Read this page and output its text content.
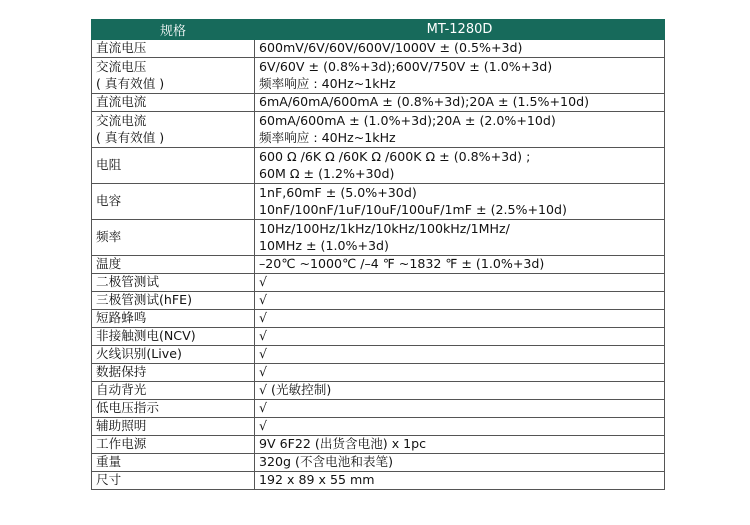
规格	MT-1280D

直流电压	600mV/6V/60V/600V/1000V ± (0.5%+3d)

交流电压
( 真有效值 )	6V/60V ± (0.8%+3d);600V/750V ± (1.0%+3d)
频率响应 : 40Hz~1kHz

直流电流	6mA/60mA/600mA ± (0.8%+3d);20A ± (1.5%+10d)

交流电流
( 真有效值 )	60mA/600mA ± (1.0%+3d);20A ± (2.0%+10d)
频率响应 : 40Hz~1kHz

电阻	600 Ω /6K Ω /60K Ω /600K Ω ± (0.8%+3d) ;
60M Ω ± (1.2%+30d)

电容	1nF,60mF ± (5.0%+30d)
10nF/100nF/1uF/10uF/100uF/1mF ± (2.5%+10d)

频率	10Hz/100Hz/1kHz/10kHz/100kHz/1MHz/
10MHz ± (1.0%+3d)

温度	–20℃ ~1000℃ /–4 ℉ ~1832 ℉ ± (1.0%+3d)

二极管测试	√

三极管测试(hFE)	√

短路蜂鸣	√

非接触测电(NCV)	√

火线识别(Live)	√

数据保持	√

自动背光	√ (光敏控制)

低电压指示	√

辅助照明	√

工作电源	9V 6F22 (出货含电池) x 1pc

重量	320g (不含电池和表笔)

尺寸	192 x 89 x 55 mm
